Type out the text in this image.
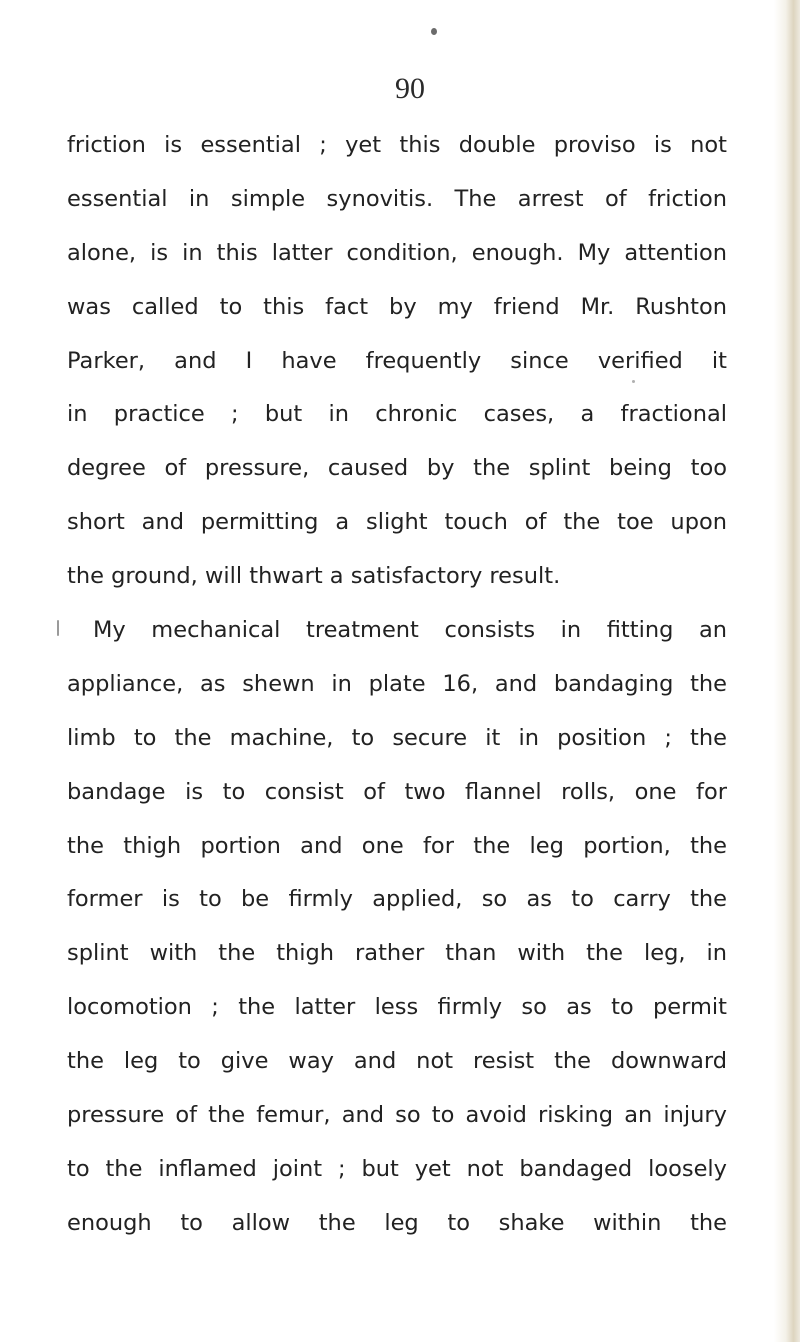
90
friction is essential ; yet this double proviso is not
essential in simple synovitis. The arrest of friction
alone, is in this latter condition, enough. My attention
was called to this fact by my friend Mr. Rushton
Parker, and I have frequently since verified it
in practice ; but in chronic cases, a fractional
degree of pressure, caused by the splint being too
short and permitting a slight touch of the toe upon
the ground, will thwart a satisfactory result.
My mechanical treatment consists in fitting an
appliance, as shewn in plate 16, and bandaging the
limb to the machine, to secure it in position ; the
bandage is to consist of two flannel rolls, one for
the thigh portion and one for the leg portion, the
former is to be firmly applied, so as to carry the
splint with the thigh rather than with the leg, in
locomotion ; the latter less firmly so as to permit
the leg to give way and not resist the downward
pressure of the femur, and so to avoid risking an injury
to the inflamed joint ; but yet not bandaged loosely
enough to allow the leg to shake within the
